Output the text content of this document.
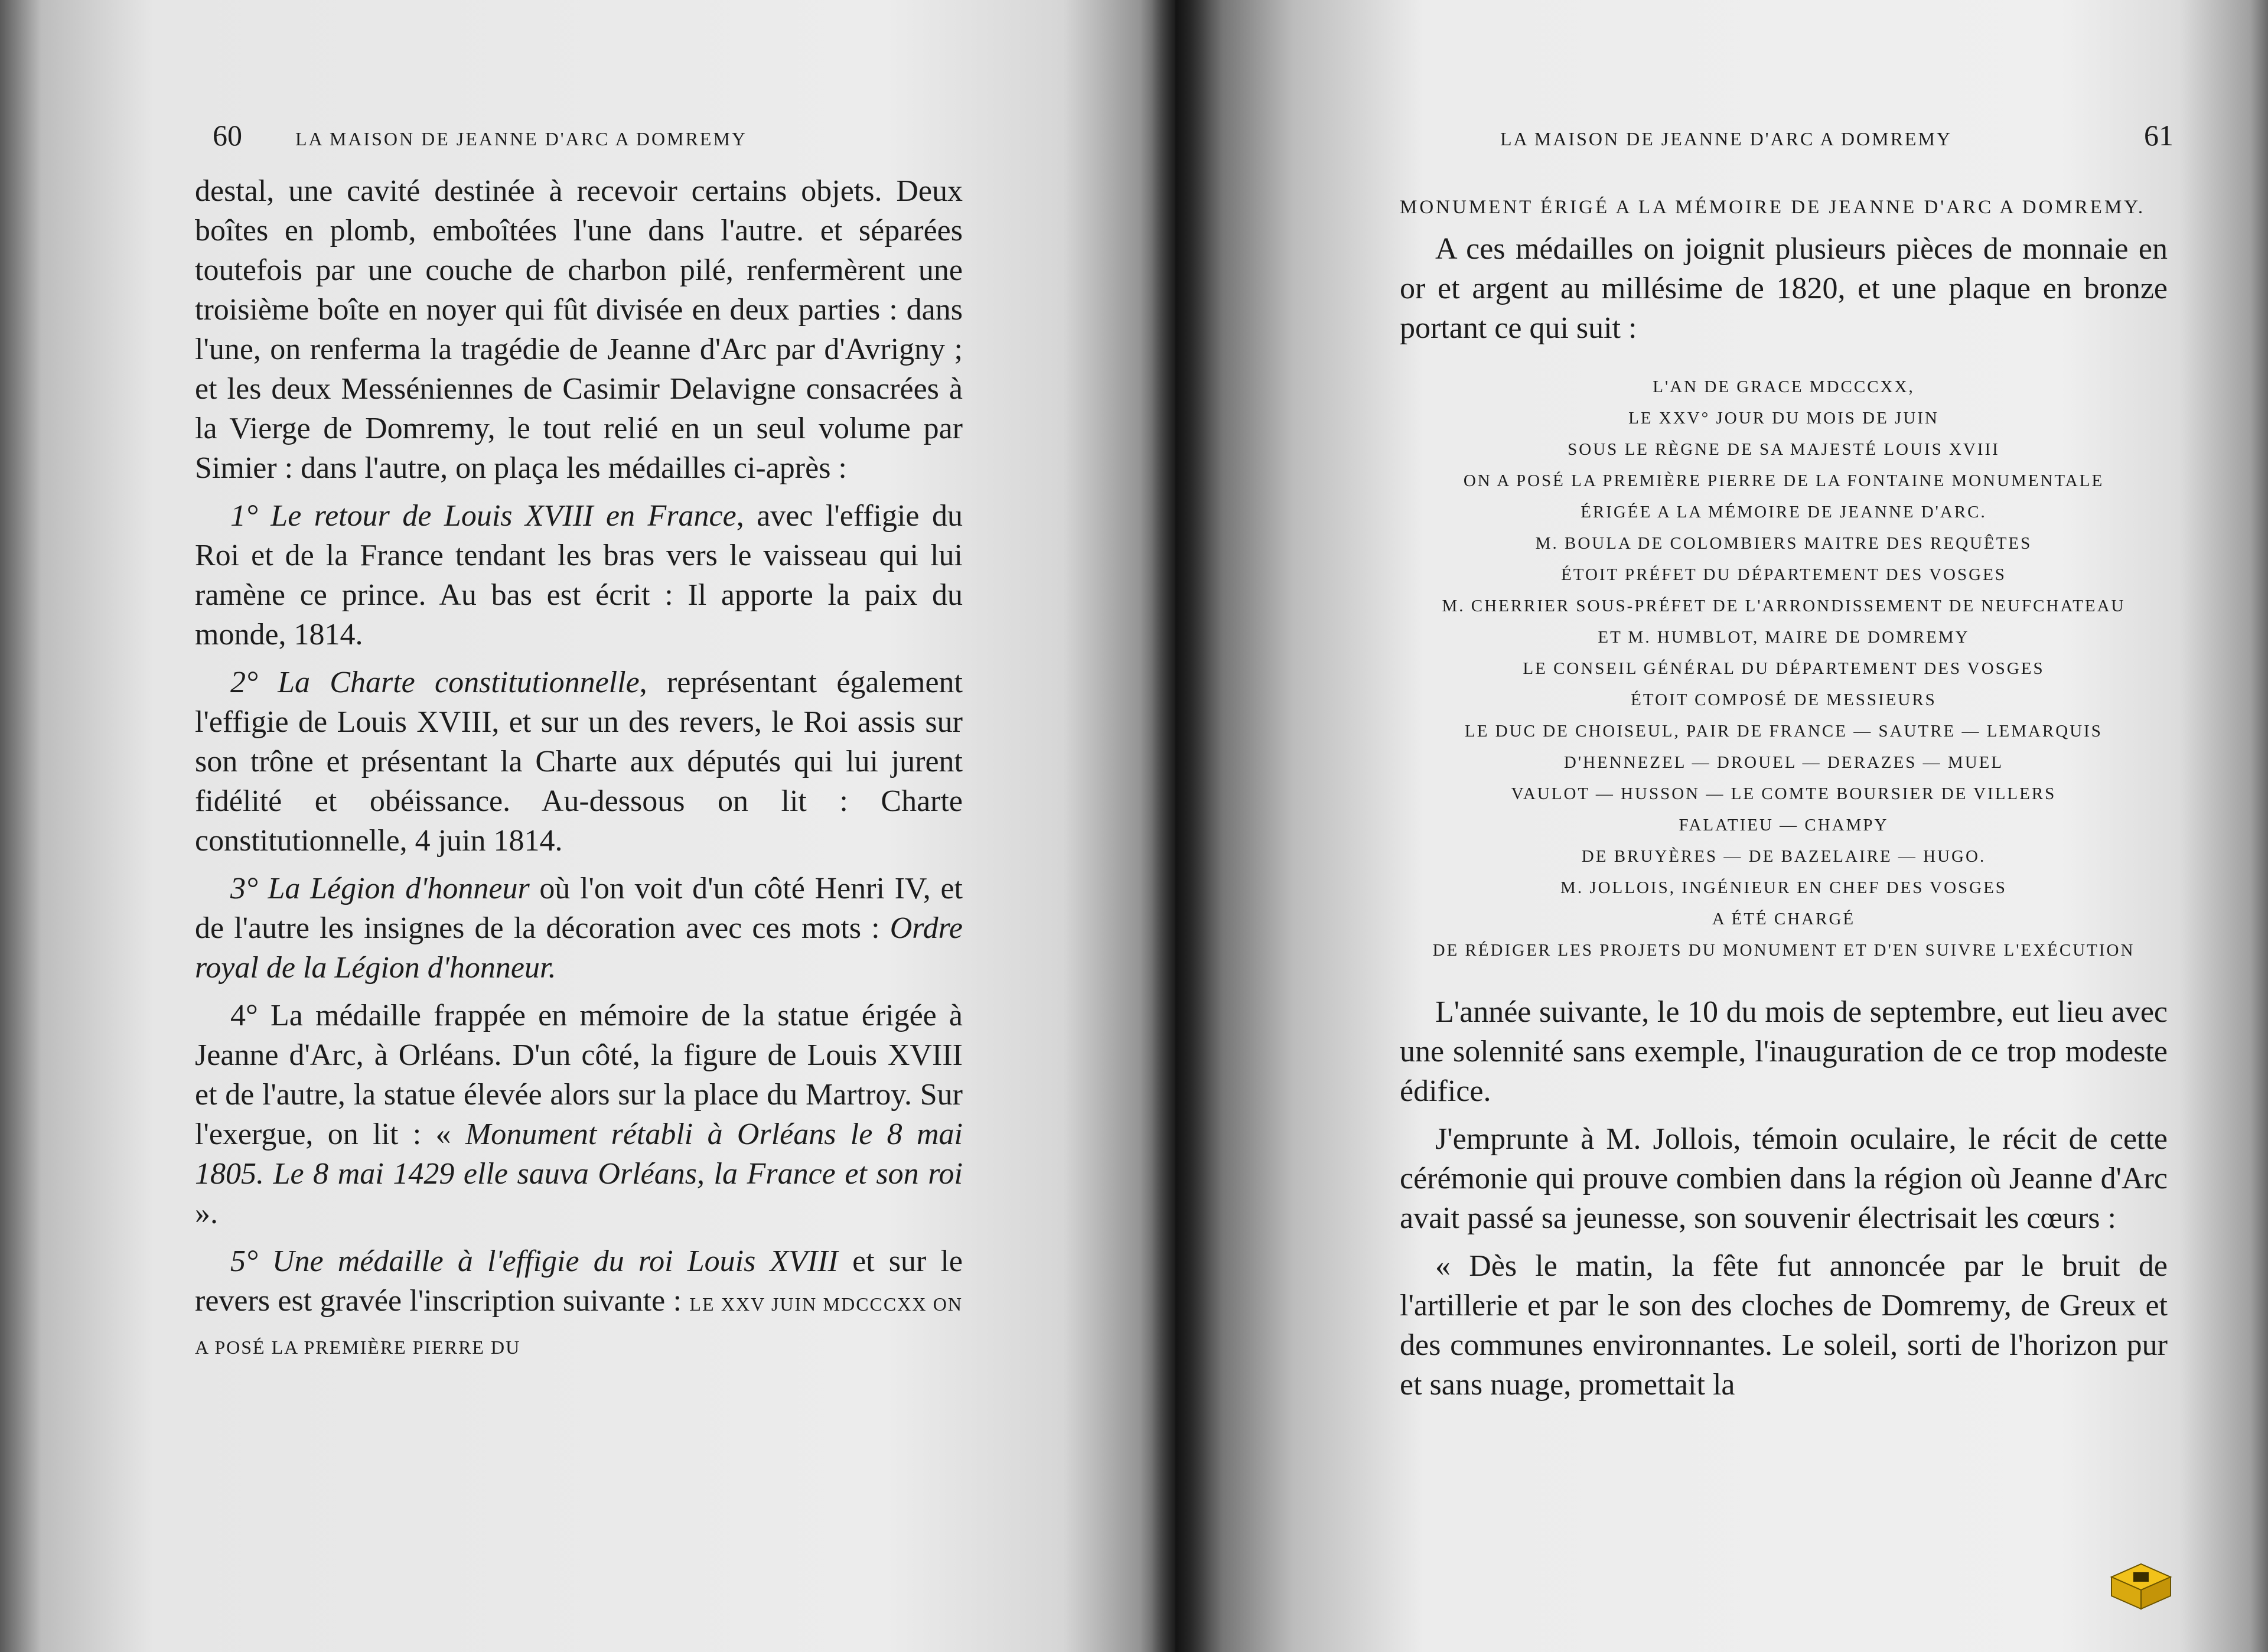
60	LA MAISON DE JEANNE D'ARC A DOMREMY

destal, une cavité destinée à recevoir certains objets. Deux boîtes en plomb, emboîtées l'une dans l'autre. et séparées toutefois par une couche de charbon pilé, renfermèrent une troisième boîte en noyer qui fût divisée en deux parties : dans l'une, on renferma la tragédie de Jeanne d'Arc par d'Avrigny ; et les deux Messéniennes de Casimir Delavigne consacrées à la Vierge de Domremy, le tout relié en un seul volume par Simier : dans l'autre, on plaça les médailles ci-après :

1° Le retour de Louis XVIII en France, avec l'effigie du Roi et de la France tendant les bras vers le vaisseau qui lui ramène ce prince. Au bas est écrit : Il apporte la paix du monde, 1814.

2° La Charte constitutionnelle, représentant également l'effigie de Louis XVIII, et sur un des revers, le Roi assis sur son trône et présentant la Charte aux députés qui lui jurent fidélité et obéissance. Au-dessous on lit : Charte constitutionnelle, 4 juin 1814.

3° La Légion d'honneur où l'on voit d'un côté Henri IV, et de l'autre les insignes de la décoration avec ces mots : Ordre royal de la Légion d'honneur.

4° La médaille frappée en mémoire de la statue érigée à Jeanne d'Arc, à Orléans. D'un côté, la figure de Louis XVIII et de l'autre, la statue élevée alors sur la place du Martroy. Sur l'exergue, on lit : « Monument rétabli à Orléans le 8 mai 1805. Le 8 mai 1429 elle sauva Orléans, la France et son roi ».

5° Une médaille à l'effigie du roi Louis XVIII et sur le revers est gravée l'inscription suivante : LE XXV JUIN MDCCCXX ON A POSÉ LA PREMIÈRE PIERRE DU

LA MAISON DE JEANNE D'ARC A DOMREMY	61
MONUMENT ÉRIGÉ A LA MÉMOIRE DE JEANNE D'ARC A DOMREMY.

A ces médailles on joignit plusieurs pièces de monnaie en or et argent au millésime de 1820, et une plaque en bronze portant ce qui suit :

L'AN DE GRACE MDCCCXX,
LE XXV° JOUR DU MOIS DE JUIN
SOUS LE RÈGNE DE SA MAJESTÉ LOUIS XVIII
ON A POSÉ LA PREMIÈRE PIERRE DE LA FONTAINE MONUMENTALE
ÉRIGÉE A LA MÉMOIRE DE JEANNE D'ARC.
M. BOULA DE COLOMBIERS MAITRE DES REQUÊTES
ÉTOIT PRÉFET DU DÉPARTEMENT DES VOSGES
M. CHERRIER SOUS-PRÉFET DE L'ARRONDISSEMENT DE NEUFCHATEAU
ET M. HUMBLOT, MAIRE DE DOMREMY
LE CONSEIL GÉNÉRAL DU DÉPARTEMENT DES VOSGES
ÉTOIT COMPOSÉ DE MESSIEURS
LE DUC DE CHOISEUL, PAIR DE FRANCE — SAUTRE — LEMARQUIS
D'HENNEZEL — DROUEL — DERAZES — MUEL
VAULOT — HUSSON — LE COMTE BOURSIER DE VILLERS
FALATIEU — CHAMPY
DE BRUYÈRES — DE BAZELAIRE — HUGO.
M. JOLLOIS, INGÉNIEUR EN CHEF DES VOSGES
A ÉTÉ CHARGÉ
DE RÉDIGER LES PROJETS DU MONUMENT ET D'EN SUIVRE L'EXÉCUTION

L'année suivante, le 10 du mois de septembre, eut lieu avec une solennité sans exemple, l'inauguration de ce trop modeste édifice.

J'emprunte à M. Jollois, témoin oculaire, le récit de cette cérémonie qui prouve combien dans la région où Jeanne d'Arc avait passé sa jeunesse, son souvenir électrisait les cœurs :

« Dès le matin, la fête fut annoncée par le bruit de l'artillerie et par le son des cloches de Domremy, de Greux et des communes environnantes. Le soleil, sorti de l'horizon pur et sans nuage, promettait la
